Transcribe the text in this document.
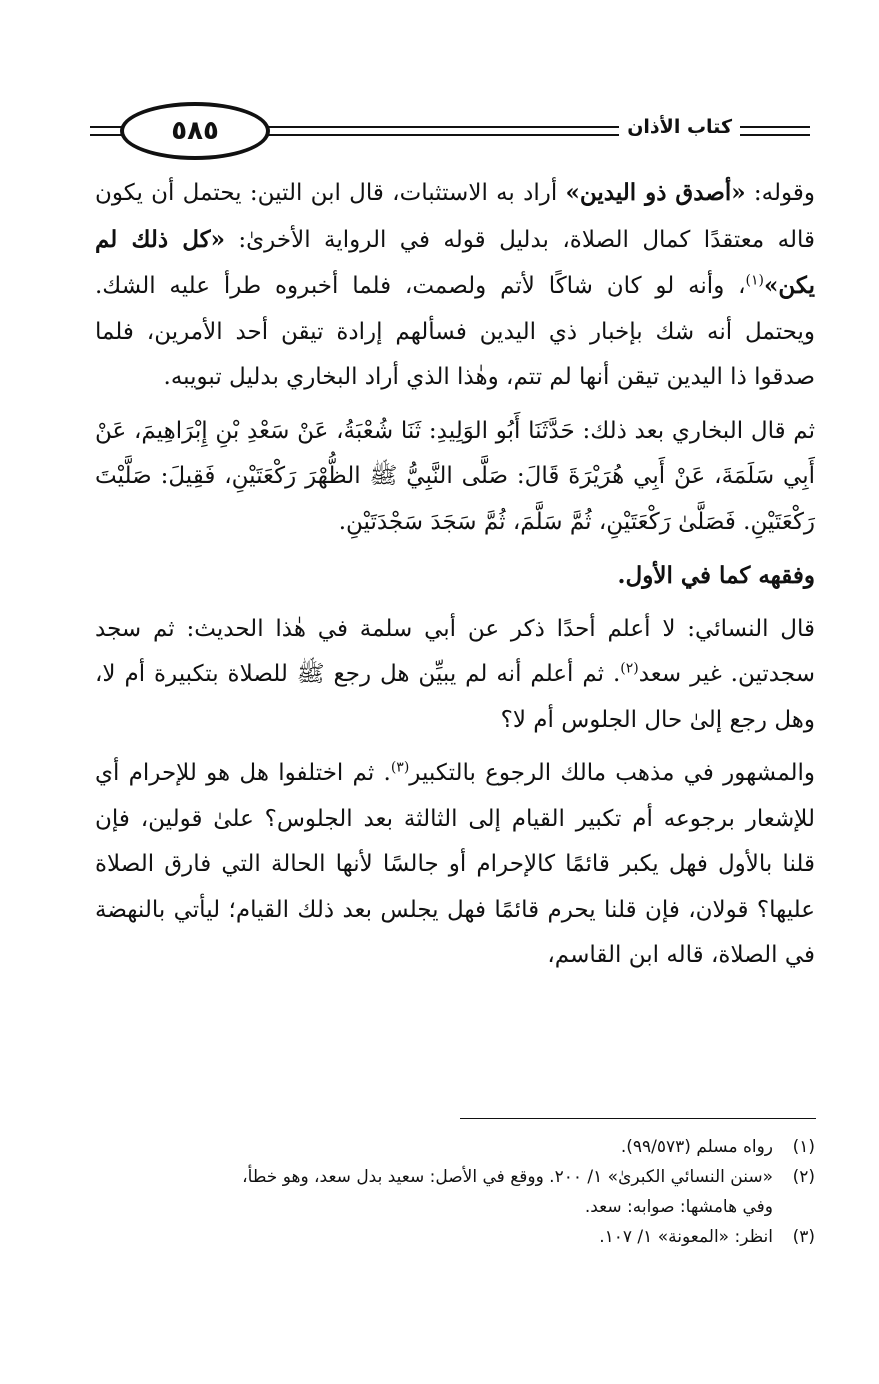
٥٨٥	كتاب الأذان

وقوله: «أصدق ذو اليدين» أراد به الاستثبات، قال ابن التين: يحتمل أن يكون قاله معتقدًا كمال الصلاة، بدليل قوله في الرواية الأخرىٰ: «كل ذلك لم يكن»$^{(١)}$، وأنه لو كان شاكًا لأتم ولصمت، فلما أخبروه طرأ عليه الشك. ويحتمل أنه شك بإخبار ذي اليدين فسألهم إرادة تيقن أحد الأمرين، فلما صدقوا ذا اليدين تيقن أنها لم تتم، وهٰذا الذي أراد البخاري بدليل تبويبه.

ثم قال البخاري بعد ذلك: حَدَّثَنَا أَبُو الوَلِيدِ: ثَنَا شُعْبَةُ، عَنْ سَعْدِ بْنِ إِبْرَاهِيمَ، عَنْ أَبِي سَلَمَةَ، عَنْ أَبِي هُرَيْرَةَ قَالَ: صَلَّى النَّبِيُّ ﷺ الظُّهْرَ رَكْعَتَيْنِ، فَقِيلَ: صَلَّيْتَ رَكْعَتَيْنِ. فَصَلَّىٰ رَكْعَتَيْنِ، ثُمَّ سَلَّمَ، ثُمَّ سَجَدَ سَجْدَتَيْنِ.

وفقهه كما في الأول.

قال النسائي: لا أعلم أحدًا ذكر عن أبي سلمة في هٰذا الحديث: ثم سجد سجدتين. غير سعد$^{(٢)}$. ثم أعلم أنه لم يبيِّن هل رجع ﷺ للصلاة بتكبيرة أم لا، وهل رجع إلىٰ حال الجلوس أم لا؟

والمشهور في مذهب مالك الرجوع بالتكبير$^{(٣)}$. ثم اختلفوا هل هو للإحرام أي للإشعار برجوعه أم تكبير القيام إلى الثالثة بعد الجلوس؟ علىٰ قولين، فإن قلنا بالأول فهل يكبر قائمًا كالإحرام أو جالسًا لأنها الحالة التي فارق الصلاة عليها؟ قولان، فإن قلنا يحرم قائمًا فهل يجلس بعد ذلك القيام؛ ليأتي بالنهضة في الصلاة، قاله ابن القاسم،

(١)
رواه مسلم (٩٩/٥٧٣).
(٢)
«سنن النسائي الكبرىٰ» ١/ ٢٠٠. ووقع في الأصل: سعيد بدل سعد، وهو خطأ،
وفي هامشها: صوابه: سعد.
(٣)
انظر: «المعونة» ١/ ١٠٧.
